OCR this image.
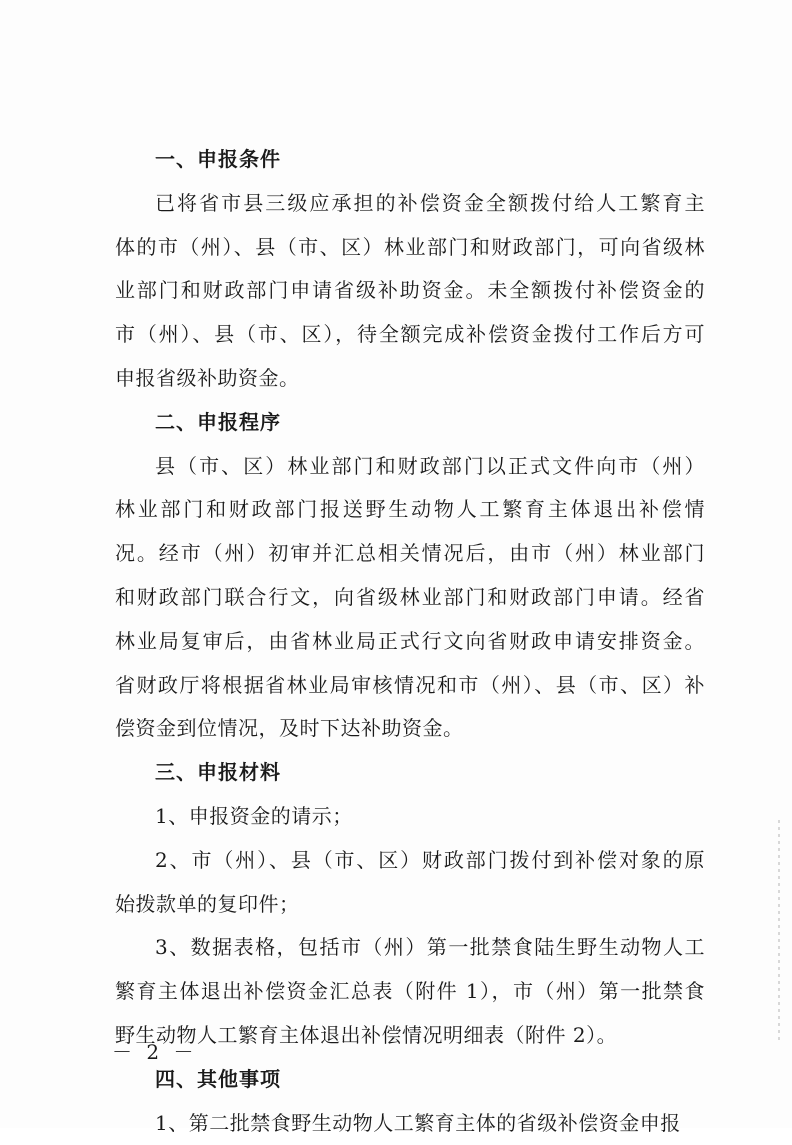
一、申报条件
已将省市县三级应承担的补偿资金全额拨付给人工繁育主
体的市（州）、县（市、区）林业部门和财政部门，可向省级林
业部门和财政部门申请省级补助资金。未全额拨付补偿资金的
市（州）、县（市、区），待全额完成补偿资金拨付工作后方可
申报省级补助资金。
二、申报程序
县（市、区）林业部门和财政部门以正式文件向市（州）
林业部门和财政部门报送野生动物人工繁育主体退出补偿情
况。经市（州）初审并汇总相关情况后，由市（州）林业部门
和财政部门联合行文，向省级林业部门和财政部门申请。经省
林业局复审后，由省林业局正式行文向省财政申请安排资金。
省财政厅将根据省林业局审核情况和市（州）、县（市、区）补
偿资金到位情况，及时下达补助资金。
三、申报材料
1、申报资金的请示；
2、市（州）、县（市、区）财政部门拨付到补偿对象的原
始拨款单的复印件；
3、数据表格，包括市（州）第一批禁食陆生野生动物人工
繁育主体退出补偿资金汇总表（附件 1），市（州）第一批禁食
野生动物人工繁育主体退出补偿情况明细表（附件 2）。
四、其他事项
1、第二批禁食野生动物人工繁育主体的省级补偿资金申报
－ 2 －
